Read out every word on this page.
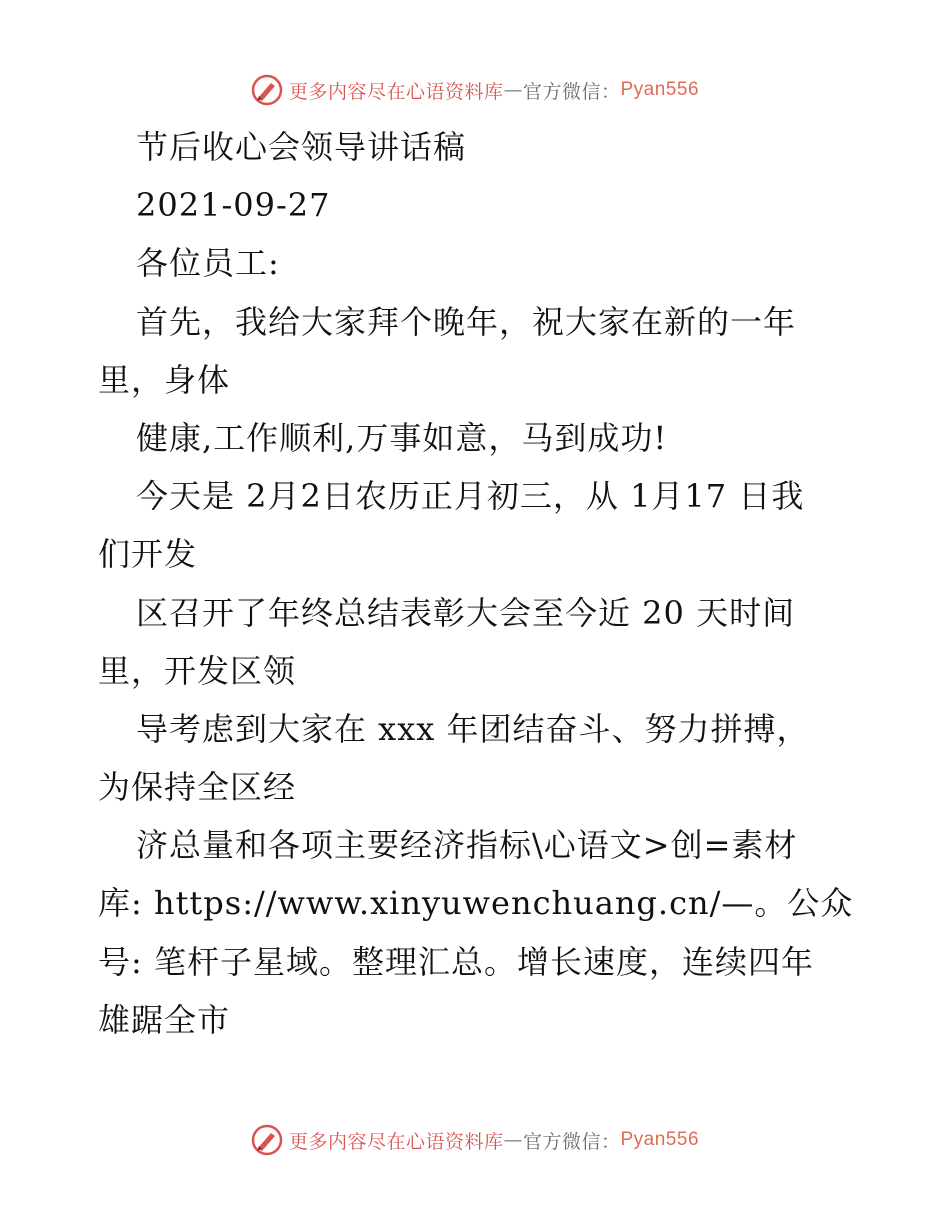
更多内容尽在心语资料库 — 官方微信： Pyan556
节后收心会领导讲话稿
2021-09-27
各位员工:
首先，我给大家拜个晚年，祝大家在新的一年
里，身体
健康,工作顺利,万事如意，马到成功!
今天是 2月2日农历正月初三，从 1月17 日我
们开发
区召开了年终总结表彰大会至今近 20 天时间
里，开发区领
导考虑到大家在 xxx 年团结奋斗、努力拼搏，
为保持全区经
济总量和各项主要经济指标\心语文>创=素材
库: https://www.xinyuwenchuang.cn/—。公众
号: 笔杆子星域。整理汇总。增长速度，连续四年
雄踞全市
更多内容尽在心语资料库 — 官方微信： Pyan556
